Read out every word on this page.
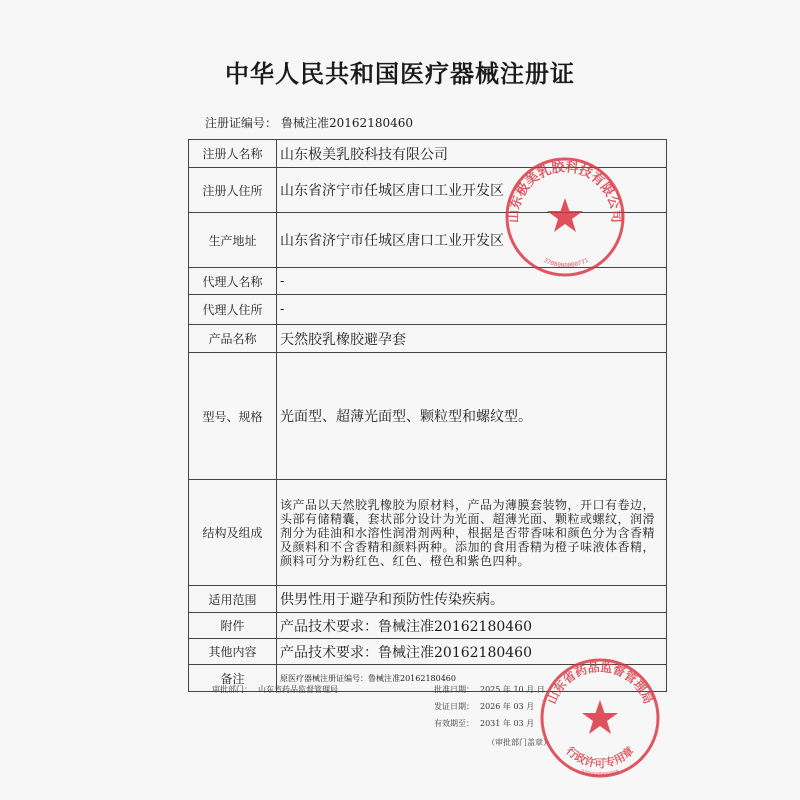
中华人民共和国医疗器械注册证
注册证编号： 鲁械注准20162180460
注册人名称	山东极美乳胶科技有限公司
注册人住所	山东省济宁市任城区唐口工业开发区
生产地址	山东省济宁市任城区唐口工业开发区
代理人名称	-
代理人住所	-
产品名称	天然胶乳橡胶避孕套
型号、规格	光面型、超薄光面型、颗粒型和螺纹型。
结构及组成	该产品以天然胶乳橡胶为原材料，产品为薄膜套装物，开口有卷边，头部有储精囊，套状部分设计为光面、超薄光面、颗粒或螺纹，润滑剂分为硅油和水溶性润滑剂两种，根据是否带香味和颜色分为含香精及颜料和不含香精和颜料两种。添加的食用香精为橙子味液体香精，颜料可分为粉红色、红色、橙色和紫色四种。
适用范围	供男性用于避孕和预防性传染疾病。
附件	产品技术要求：鲁械注准20162180460
其他内容	产品技术要求：鲁械注准20162180460
备注	原医疗器械注册证编号：鲁械注准20162180460
审批部门： 山东省药品监督管理局	批准日期： 2025 年 10 月 日
发证日期： 2026 年 03 月
有效期至： 2031 年 03 月
（审批部门盖章）
山东极美乳胶科技有限公司
3708000000771
山东省药品监督管理局
行政许可专用章
3700000000000
